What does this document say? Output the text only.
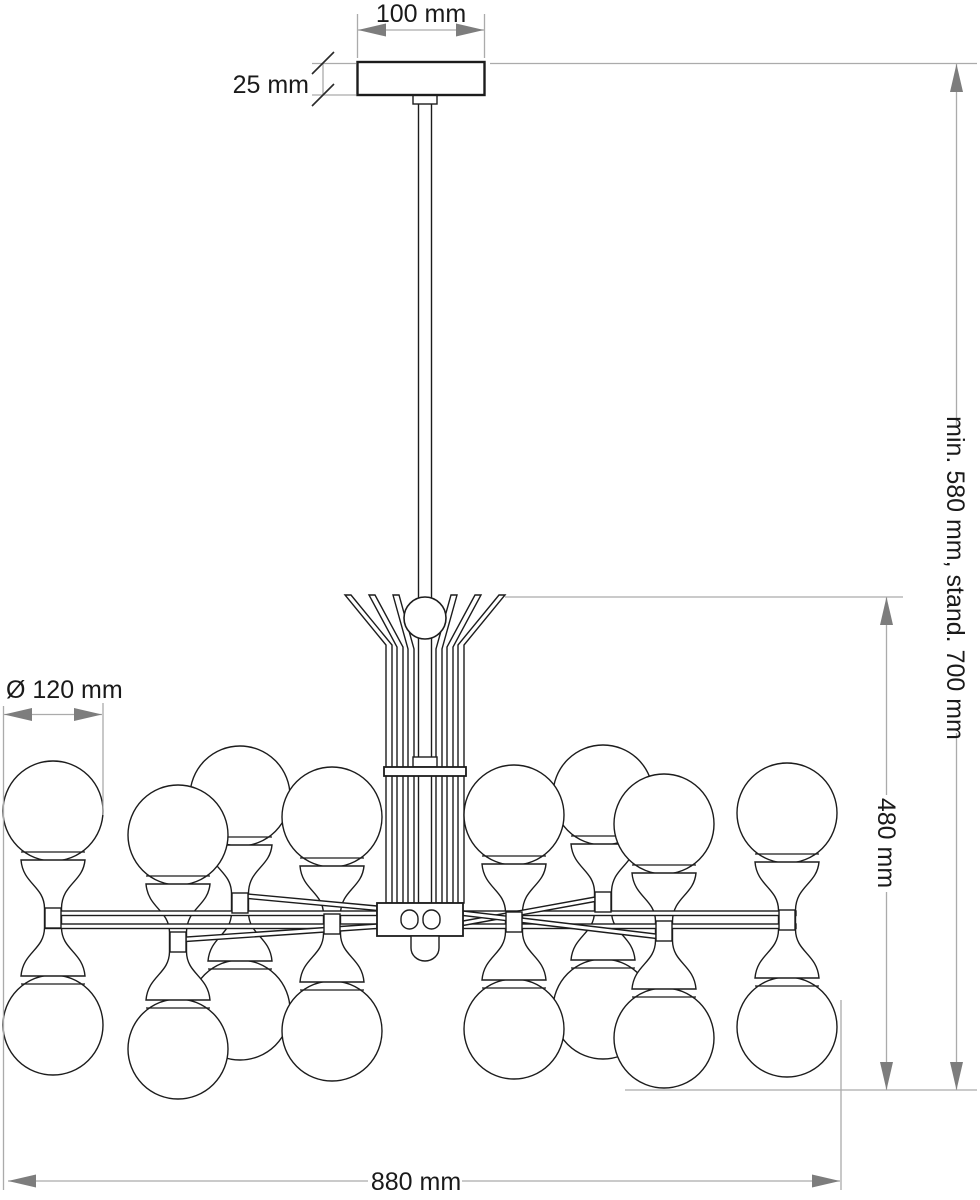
100 mm
25 mm
min. 580 mm, stand. 700 mm
480 mm
Ø 120 mm
880 mm
